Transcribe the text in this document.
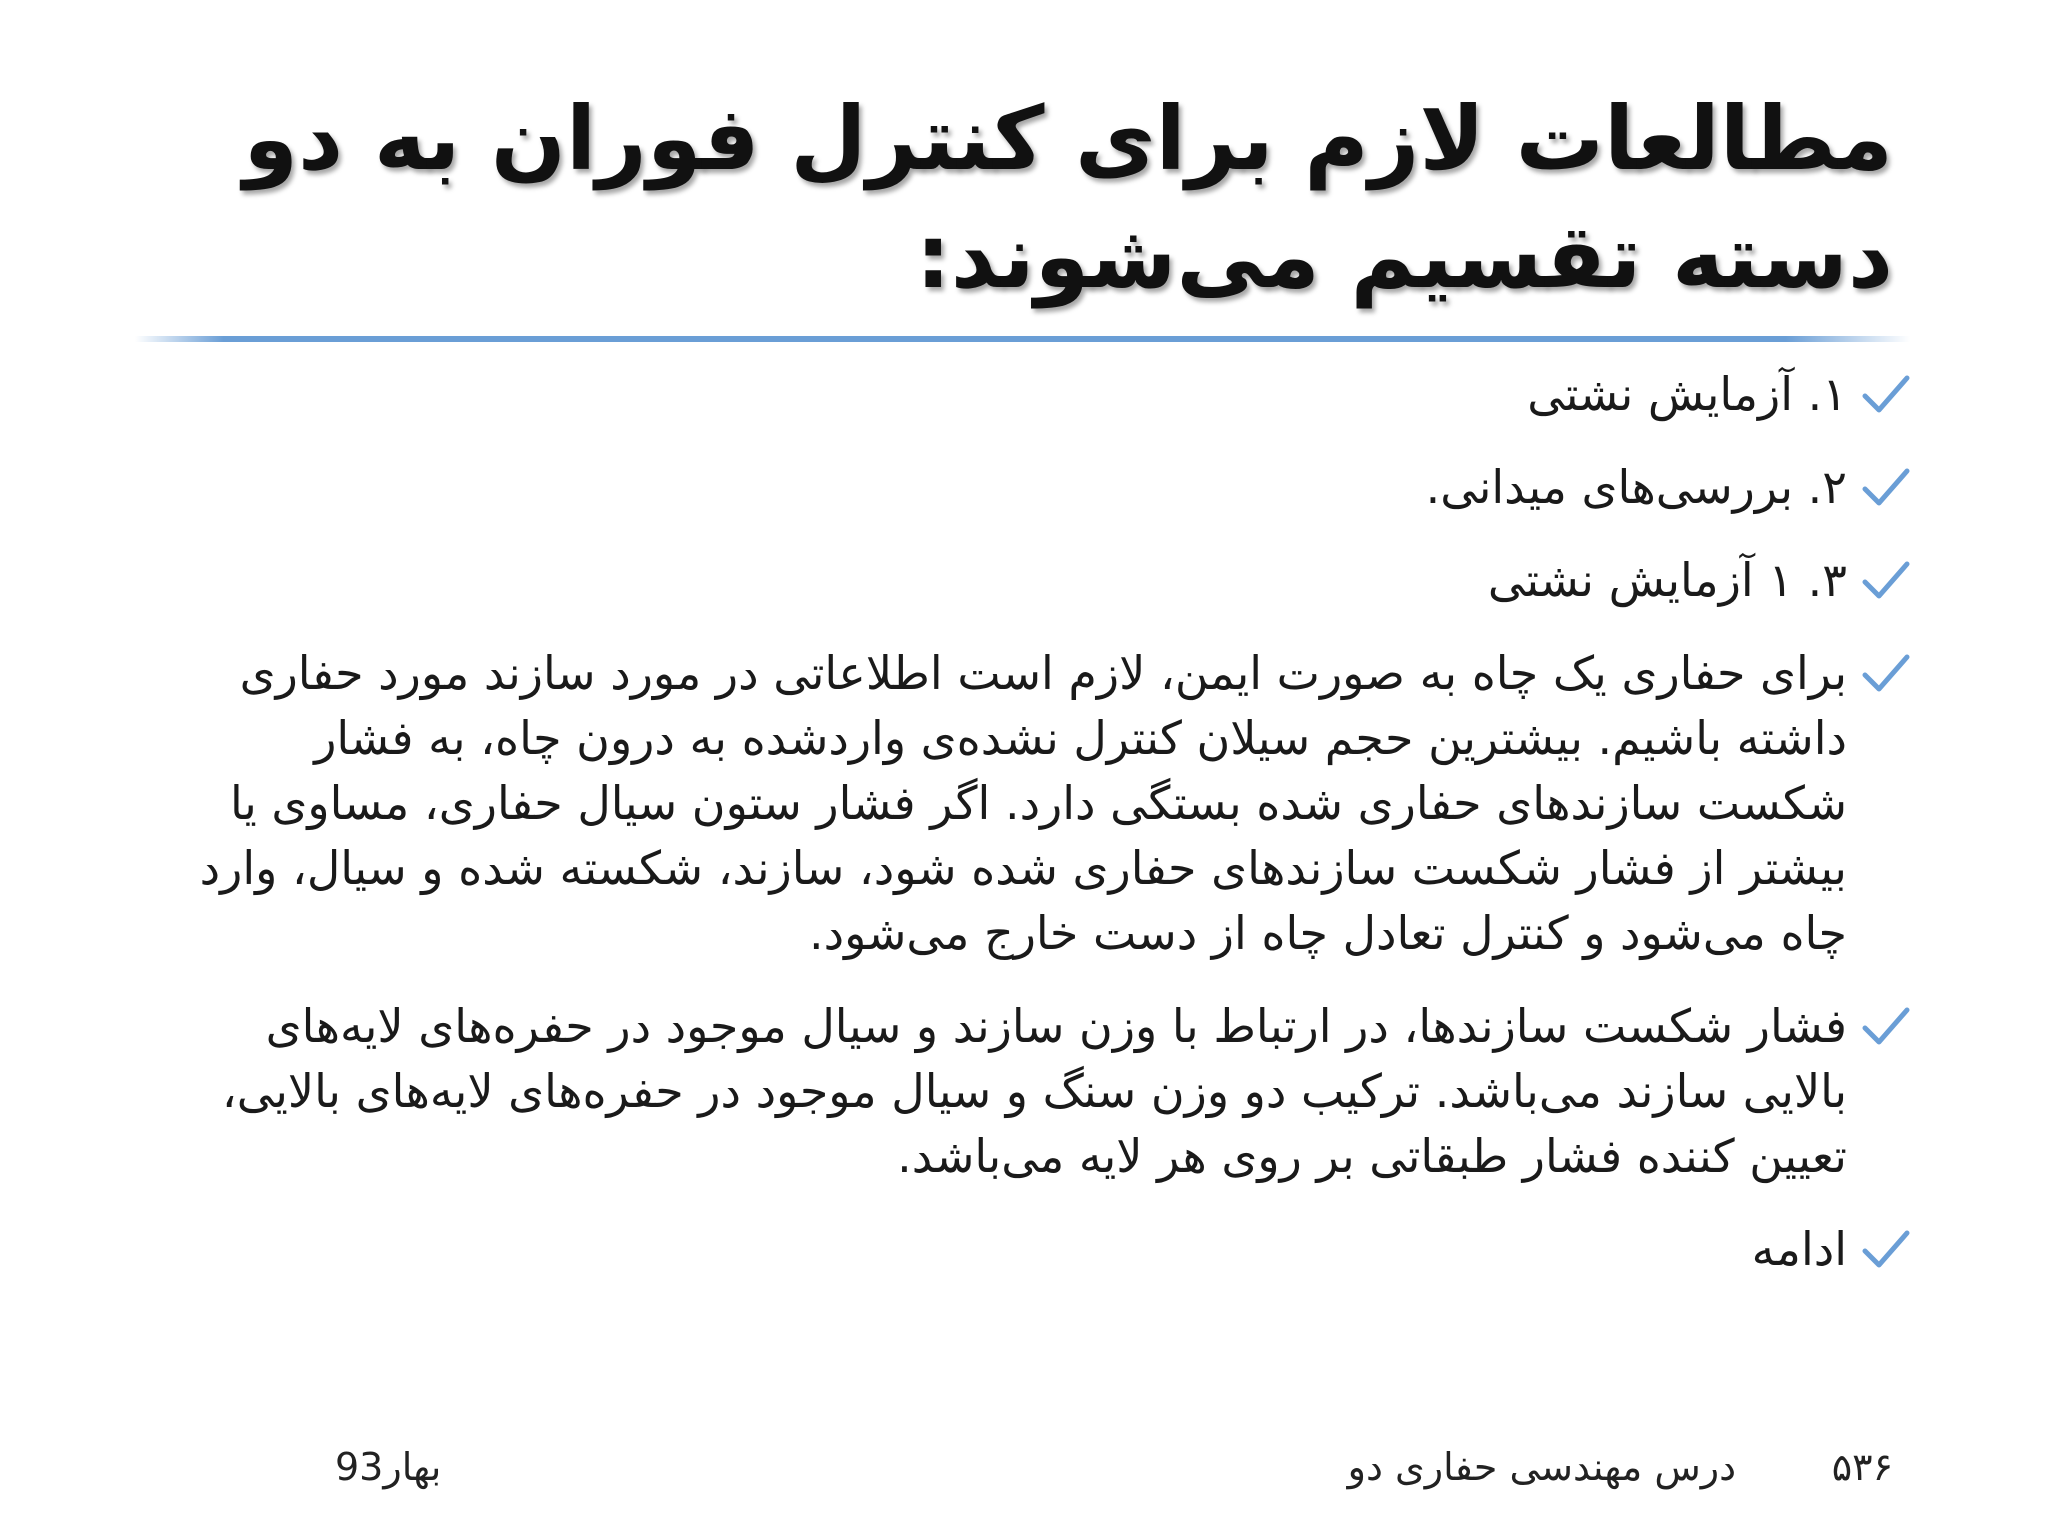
مطالعات لازم برای کنترل فوران به دو دسته تقسیم می‌شوند:
۱. آزمایش نشتی
۲. بررسی‌های میدانی.
۳. ۱ آزمایش نشتی
برای حفاری یک چاه به صورت ایمن، لازم است اطلاعاتی در مورد سازند مورد حفاری داشته باشیم. بیشترین حجم سیلان کنترل نشده‌ی واردشده به درون چاه، به فشار شکست سازندهای حفاری شده بستگی دارد. اگر فشار ستون سیال حفاری، مساوی یا بیشتر از فشار شکست سازندهای حفاری شده شود، سازند، شکسته شده و سیال، وارد چاه می‌شود و کنترل تعادل چاه از دست خارج می‌شود.
فشار شکست سازندها، در ارتباط با وزن سازند و سیال موجود در حفره‌های لایه‌های بالایی سازند می‌باشد. ترکیب دو وزن سنگ و سیال موجود در حفره‌های لایه‌های بالایی، تعیین کننده فشار طبقاتی بر روی هر لایه می‌باشد.
ادامه
۵۳۶
درس مهندسی حفاری دو
بهار93
